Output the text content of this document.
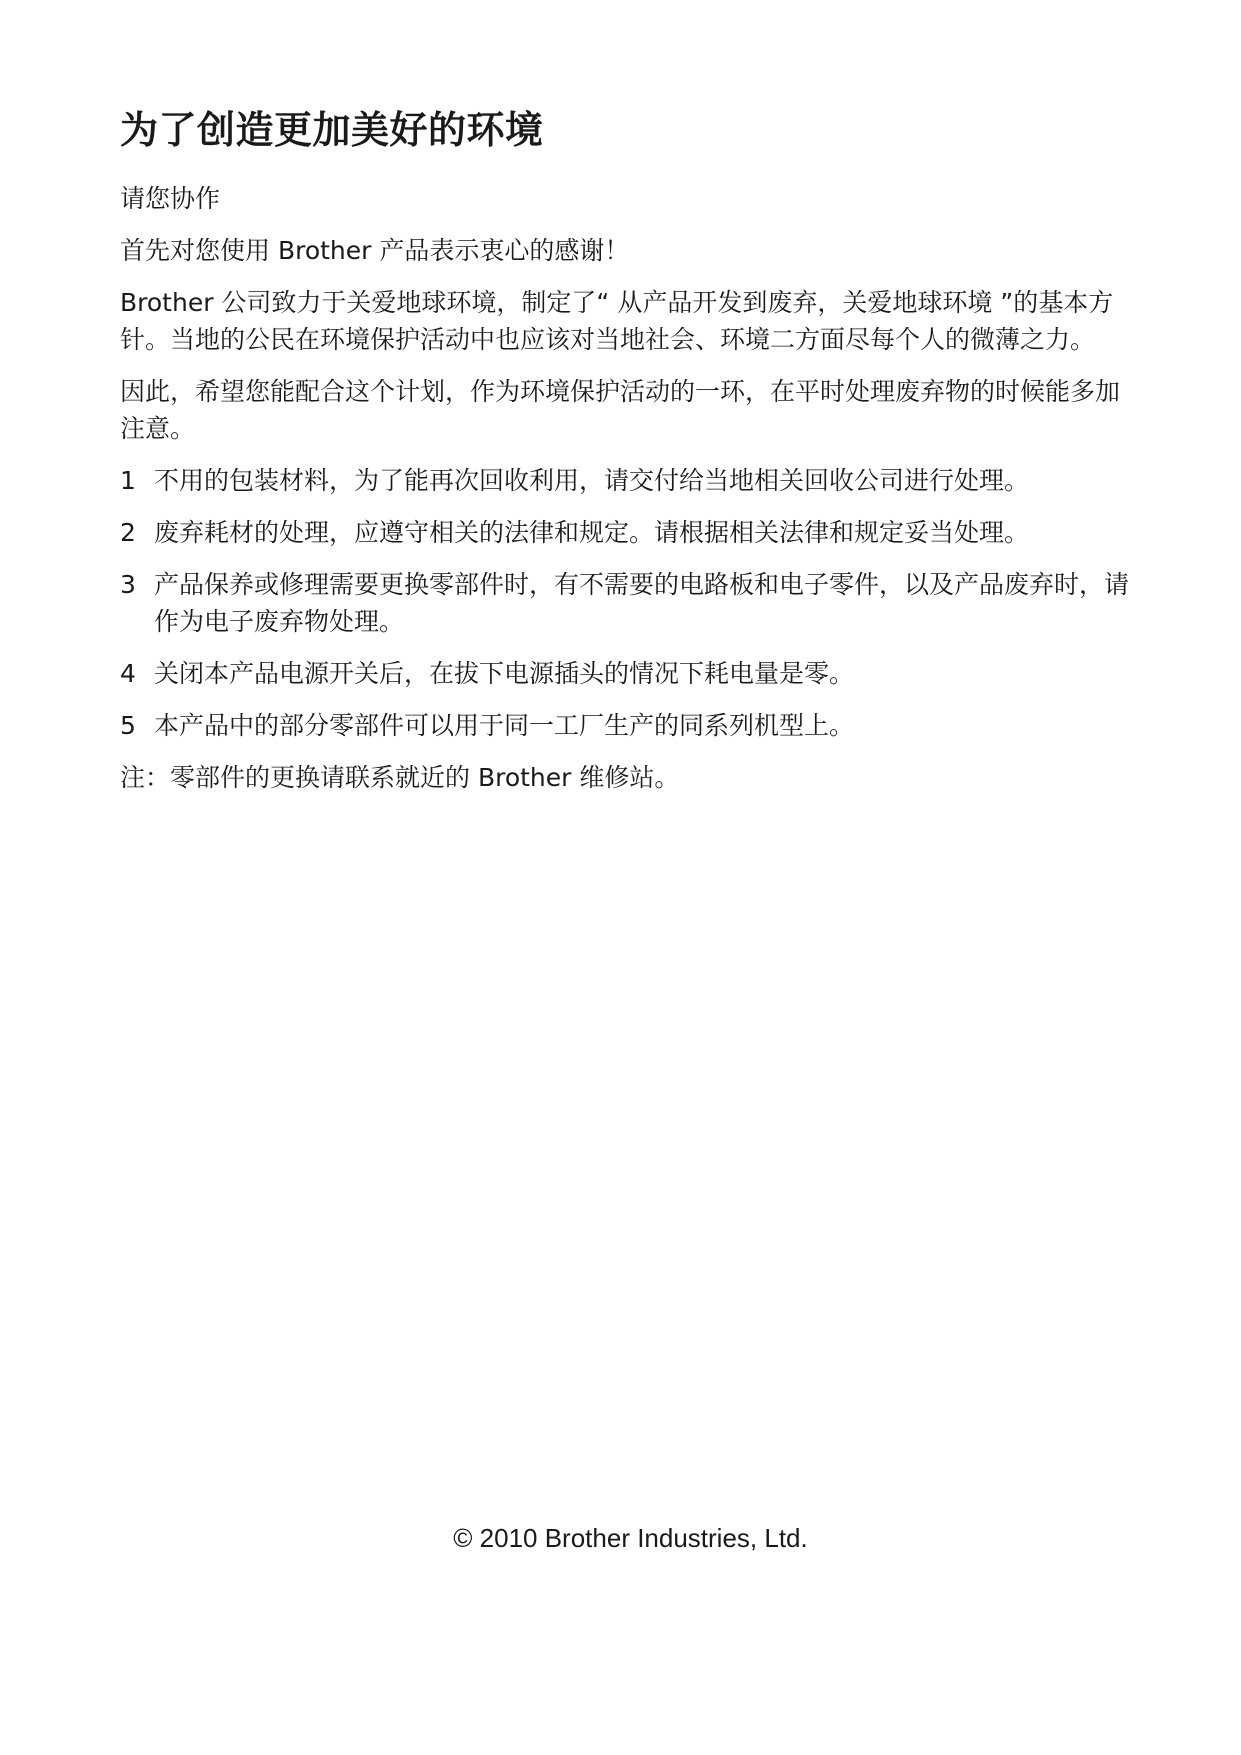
为了创造更加美好的环境

请您协作

首先对您使用 Brother 产品表示衷心的感谢！

Brother 公司致力于关爱地球环境，制定了“ 从产品开发到废弃，关爱地球环境 ”的基本方针。当地的公民在环境保护活动中也应该对当地社会、环境二方面尽每个人的微薄之力。

因此，希望您能配合这个计划，作为环境保护活动的一环，在平时处理废弃物的时候能多加注意。

1 不用的包装材料，为了能再次回收利用，请交付给当地相关回收公司进行处理。
2 废弃耗材的处理，应遵守相关的法律和规定。请根据相关法律和规定妥当处理。
3 产品保养或修理需要更换零部件时，有不需要的电路板和电子零件，以及产品废弃时，请作为电子废弃物处理。
4 关闭本产品电源开关后，在拔下电源插头的情况下耗电量是零。
5 本产品中的部分零部件可以用于同一工厂生产的同系列机型上。

注：零部件的更换请联系就近的 Brother 维修站。

© 2010 Brother Industries, Ltd.
